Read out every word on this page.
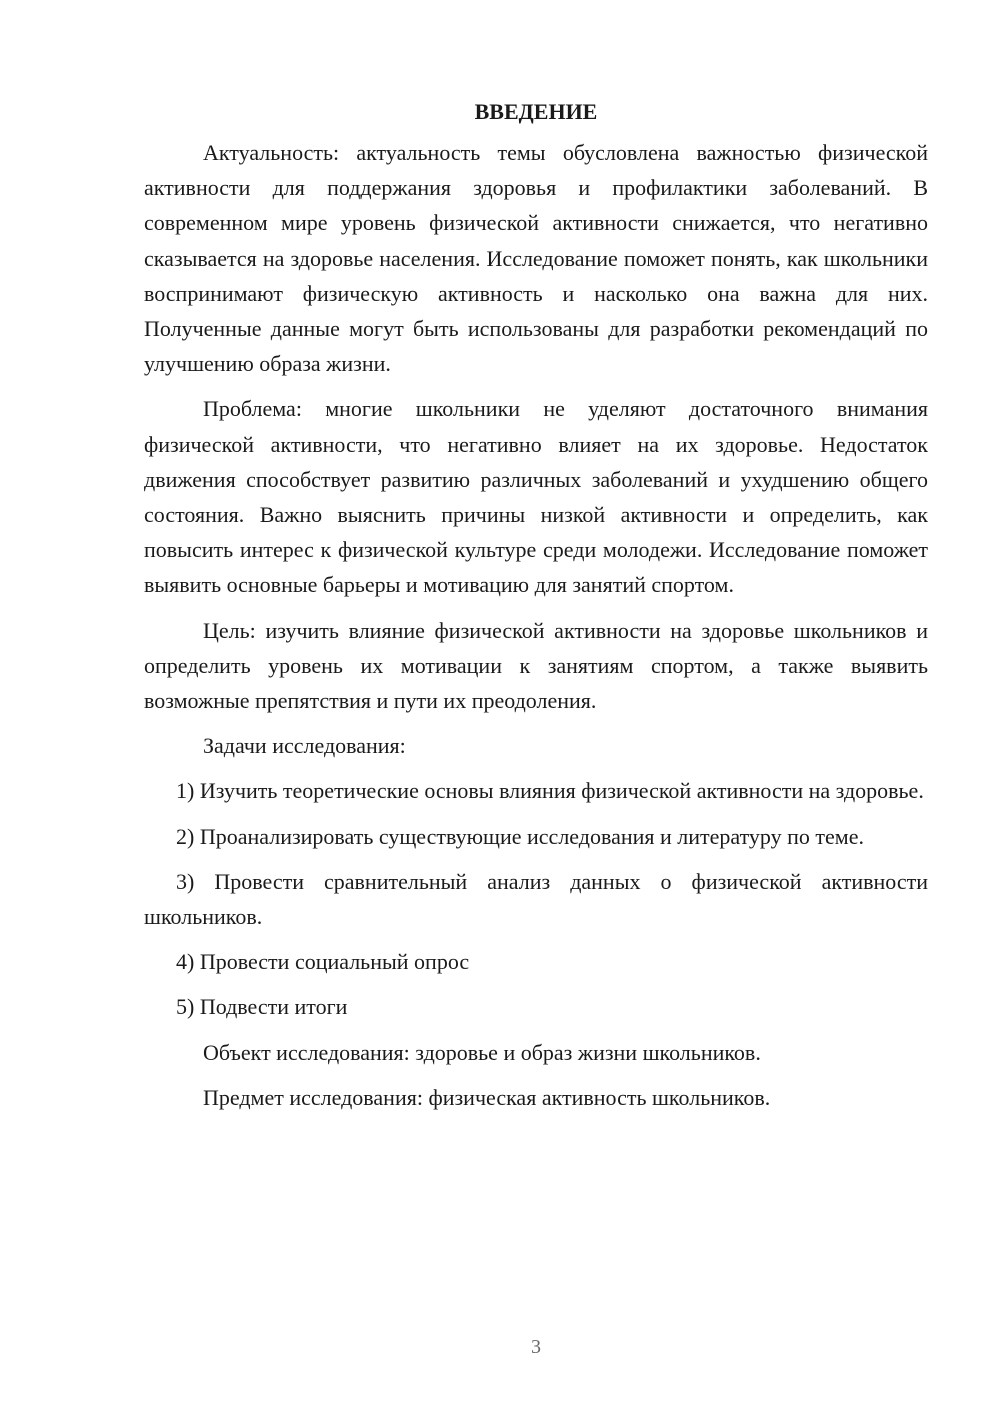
ВВЕДЕНИЕ

Актуальность: актуальность темы обусловлена важностью физической активности для поддержания здоровья и профилактики заболеваний. В современном мире уровень физической активности снижается, что негативно сказывается на здоровье населения. Исследование поможет понять, как школьники воспринимают физическую активность и насколько она важна для них. Полученные данные могут быть использованы для разработки рекомендаций по улучшению образа жизни.

Проблема: многие школьники не уделяют достаточного внимания физической активности, что негативно влияет на их здоровье. Недостаток движения способствует развитию различных заболеваний и ухудшению общего состояния. Важно выяснить причины низкой активности и определить, как повысить интерес к физической культуре среди молодежи. Исследование поможет выявить основные барьеры и мотивацию для занятий спортом.

Цель: изучить влияние физической активности на здоровье школьников и определить уровень их мотивации к занятиям спортом, а также выявить возможные препятствия и пути их преодоления.

Задачи исследования:

1) Изучить теоретические основы влияния физической активности на здоровье.

2) Проанализировать существующие исследования и литературу по теме.

3) Провести сравнительный анализ данных о физической активности школьников.

4) Провести социальный опрос

5) Подвести итоги

Объект исследования: здоровье и образ жизни школьников.

Предмет исследования: физическая активность школьников.

3
